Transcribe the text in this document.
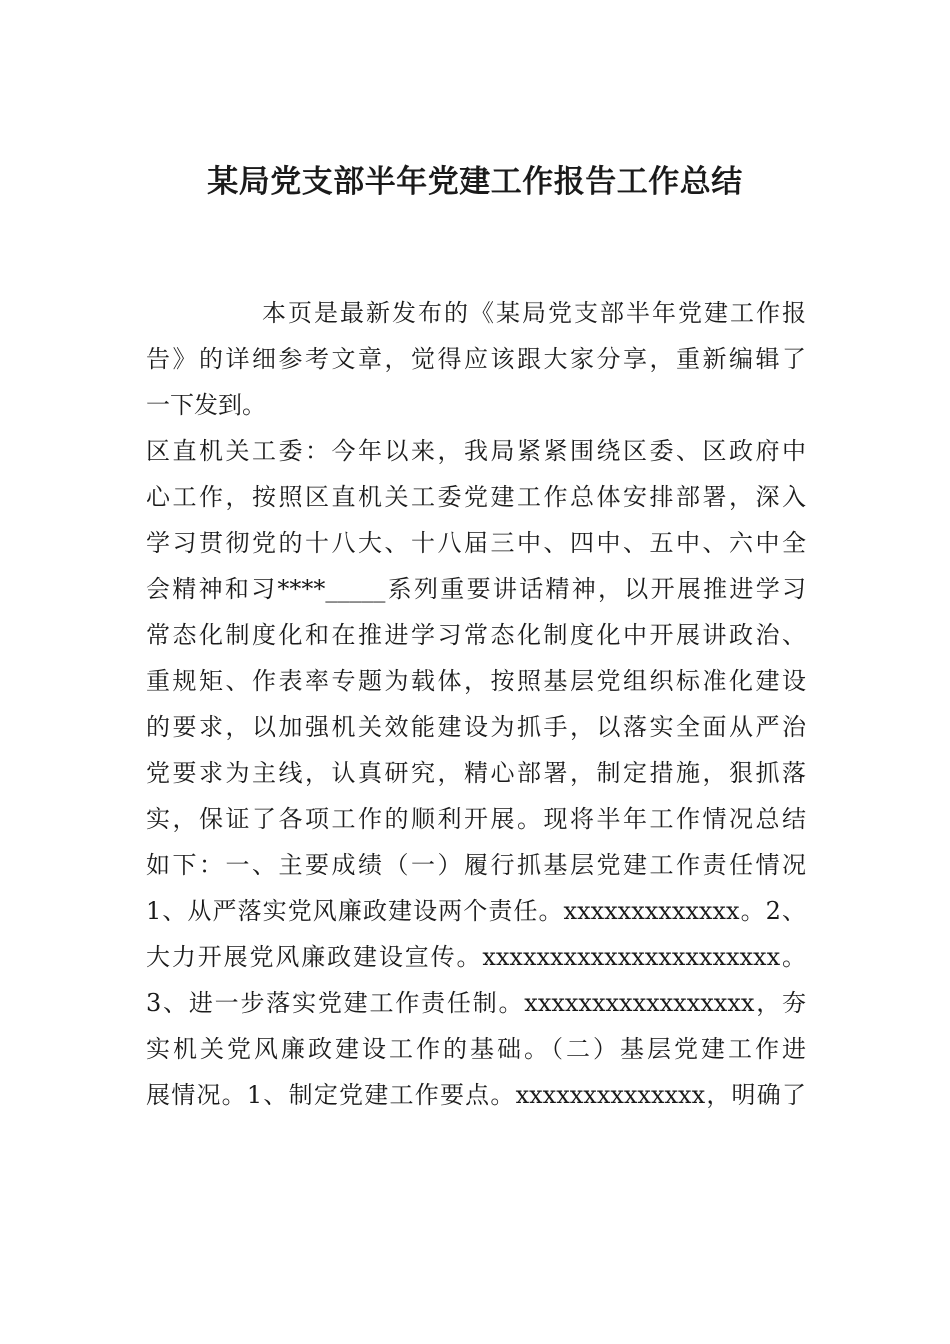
某局党支部半年党建工作报告工作总结
本页是最新发布的《某局党支部半年党建工作报
告》的详细参考文章，觉得应该跟大家分享，重新编辑了
一下发到。
区直机关工委：今年以来，我局紧紧围绕区委、区政府中
心工作，按照区直机关工委党建工作总体安排部署，深入
学习贯彻党的十八大、十八届三中、四中、五中、六中全
会精神和习****_____系列重要讲话精神，以开展推进学习
常态化制度化和在推进学习常态化制度化中开展讲政治、
重规矩、作表率专题为载体，按照基层党组织标准化建设
的要求，以加强机关效能建设为抓手，以落实全面从严治
党要求为主线，认真研究，精心部署，制定措施，狠抓落
实，保证了各项工作的顺利开展。现将半年工作情况总结
如下：一、主要成绩（一）履行抓基层党建工作责任情况
1、从严落实党风廉政建设两个责任。xxxxxxxxxxxxx。2、
大力开展党风廉政建设宣传。xxxxxxxxxxxxxxxxxxxxxx。
3、进一步落实党建工作责任制。xxxxxxxxxxxxxxxxx，夯
实机关党风廉政建设工作的基础。（二）基层党建工作进
展情况。1、制定党建工作要点。xxxxxxxxxxxxxx，明确了
